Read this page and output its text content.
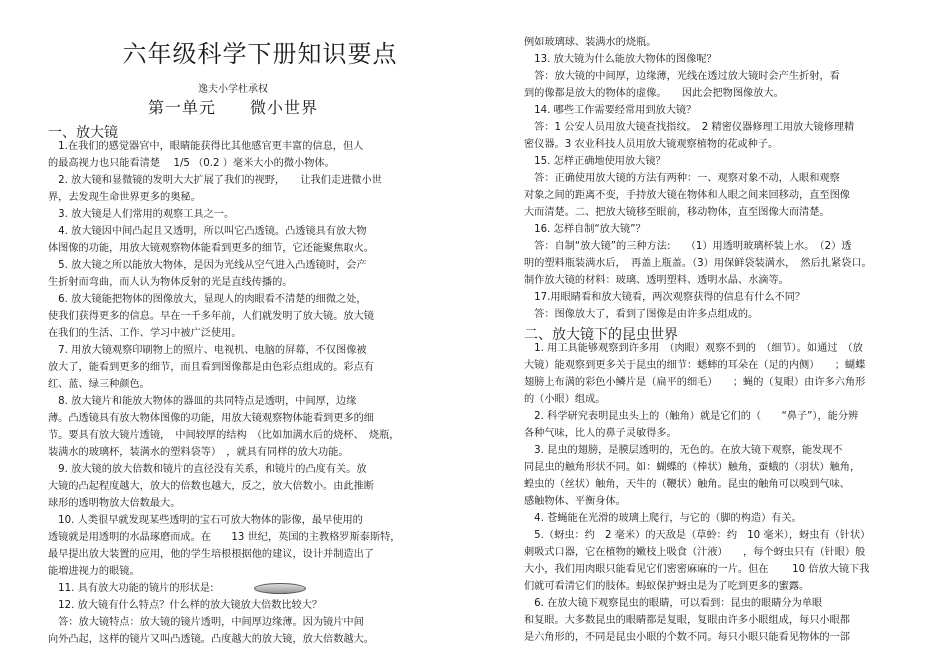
六年级科学下册知识要点
逸夫小学杜承权
第一单元　　微小世界
一、放大镜
　1.在我们的感觉器官中，眼睛能获得比其他感官更丰富的信息，但人
的最高视力也只能看清楚　 1/5 （0.2 ）毫米大小的微小物体。
　2. 放大镜和显微镜的发明大大扩展了我们的视野，　　让我们走进微小世
界，去发现生命世界更多的奥秘。
　3. 放大镜是人们常用的观察工具之一。
　4. 放大镜因中间凸起且又透明，所以叫它凸透镜。凸透镜具有放大物
体图像的功能，用放大镜观察物体能看到更多的细节，它还能聚焦取火。
　5. 放大镜之所以能放大物体，是因为光线从空气进入凸透镜时，会产
生折射而弯曲，而人认为物体反射的光是直线传播的。
　6. 放大镜能把物体的图像放大，显现人的肉眼看不清楚的细微之处，
使我们获得更多的信息。早在一千多年前，人们就发明了放大镜。放大镜
在我们的生活、工作、学习中被广泛使用。
　7. 用放大镜观察印刷物上的照片、电视机、电脑的屏幕，不仅图像被
放大了，能看到更多的细节，而且看到图像都是由色彩点组成的。彩点有
红、蓝、绿三种颜色。
　8. 放大镜片和能放大物体的器皿的共同特点是透明，中间厚，边缘
薄。凸透镜具有放大物体图像的功能，用放大镜观察物体能看到更多的细
节。要具有放大镜片透镜，　中间较厚的结构　（比如加满水后的烧杯、　烧瓶，
装满水的玻璃杯，装满水的塑料袋等）　，就具有同样的放大功能。
　9. 放大镜的放大倍数和镜片的直径没有关系，和镜片的凸度有关。放
大镜的凸起程度越大，放大的倍数也越大，反之，放大倍数小。由此推断
球形的透明物放大倍数最大。
　10. 人类很早就发现某些透明的宝石可放大物体的影像，最早使用的
透镜就是用透明的水晶琢磨而成。在　　13 世纪，英国的主教格罗斯泰斯特，
最早提出放大装置的应用，他的学生培根根据他的建议，设计并制造出了
能増进视力的眼镜。
　11. 具有放大功能的镜片的形状是:
　12. 放大镜有什么特点？什么样的放大镜放大倍数比较大？
　答：放大镜特点：放大镜的镜片透明，中间厚边缘薄。因为镜片中间
向外凸起，这样的镜片又叫凸透镜。凸度越大的放大镜，放大倍数越大。
例如玻璃球、装满水的烧瓶。
　13. 放大镜为什么能放大物体的图像呢？
　答：放大镜的中间厚，边缘薄，光线在透过放大镜时会产生折射，看
到的像都是放大的物体的虚像。　　因此会把物图像放大。
　14. 哪些工作需要经常用到放大镜？
　答：1 公安人员用放大镜查找指纹。　2 精密仪器修理工用放大镜修理精
密仪器。3 农业科技人员用放大镜观察植物的花或种子。
　15. 怎样正确地使用放大镜？
　答：正确使用放大镜的方法有两种：一、观察对象不动，人眼和观察
对象之间的距离不变，手持放大镜在物体和人眼之间来回移动，直至图像
大而清楚。二、把放大镜移至眼前，移动物体，直至图像大而清楚。
　16. 怎样自制“放大镜”？
　答：自制“放大镜”的三种方法:　　（1）用透明玻璃杯装上水。　（2）透
明的塑料瓶装满水后，　再盖上瓶盖。（3）用保鲜袋装满水，　然后扎紧袋口。
制作放大镜的材料：玻璃、透明塑料、透明水晶、水滴等。
　17.用眼睛看和放大镜看，两次观察获得的信息有什么不同？
　答：图像放大了，看到了图像是由许多点组成的。
二、放大镜下的昆虫世界
　1. 用工具能够观察到许多用　（肉眼）观察不到的　（细节）。如通过　（放
大镜）能观察到更多关于昆虫的细节：蟋蟀的耳朵在（足的内侧）　　；蝴蝶
翅膀上布满的彩色小鳞片是（扁平的细毛）　　；蝇的（复眼）由许多六角形
的（小眼）组成。
　2. 科学研究表明昆虫头上的（触角）就是它们的（　　“鼻子”），能分辨
各种气味，比人的鼻子灵敏得多。
　3. 昆虫的翅膀，是膜层透明的，无色的。在放大镜下观察，能发现不
同昆虫的触角形状不同。如：蝴蝶的（棒状）触角，蚕蛾的（羽状）触角，
蝗虫的（丝状）触角，天牛的（鞭状）触角。昆虫的触角可以嗅到气味、
感触物体、平衡身体。
　4. 苍蝇能在光滑的玻璃上爬行，与它的（脚的构造）有关。
　5.（蚜虫：约　2 毫米）的天敌是（草蛉：约　10 毫米），蚜虫有（针状）
刺吸式口器，它在植物的嫩枝上吸食（汁液）　　，每个蚜虫只有（针眼）般
大小，我们用肉眼只能看见它们密密麻麻的一片。但在　　 10 倍放大镜下我
们就可看清它们的肢体。蚂蚁保护蚜虫是为了吃到更多的蜜露。
　6. 在放大镜下观察昆虫的眼睛，可以看到：昆虫的眼睛分为单眼
和复眼。大多数昆虫的眼睛都是复眼，复眼由许多小眼组成，每只小眼都
是六角形的，不同是昆虫小眼的个数不同。每只小眼只能看见物体的一部
